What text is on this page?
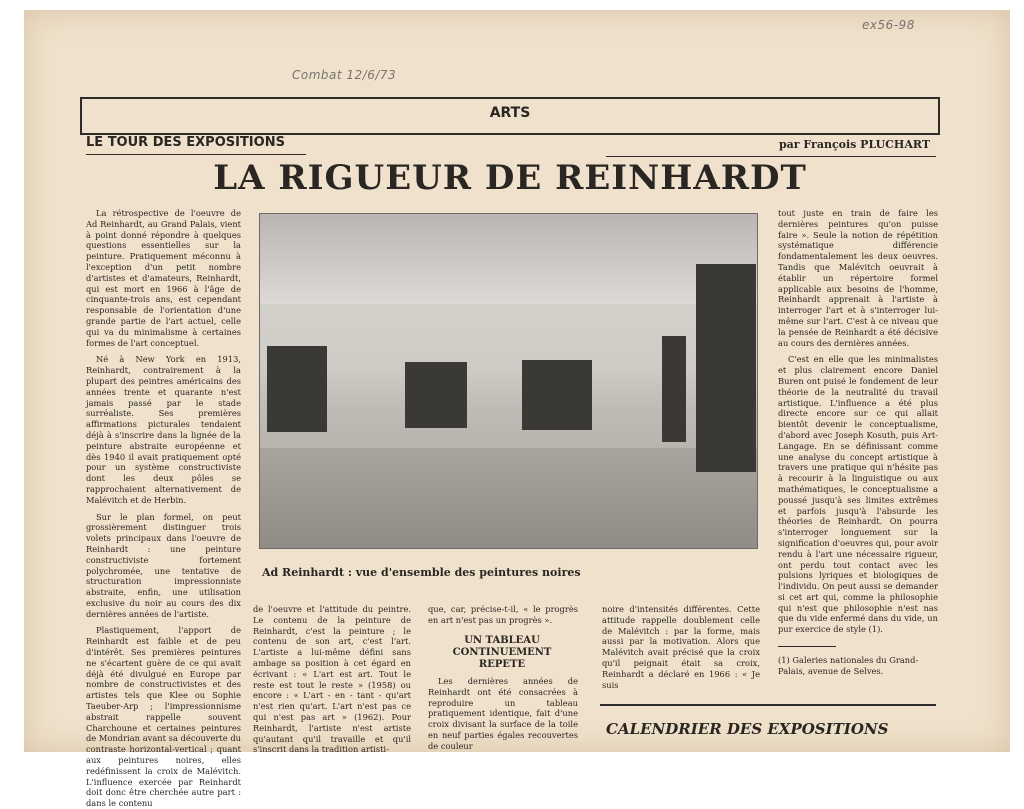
ex56-98
Combat 12/6/73
ARTS
LE TOUR DES EXPOSITIONS	par François PLUCHART
LA RIGUEUR DE REINHARDT

La rétrospective de l'oeuvre de Ad Reinhardt, au Grand Palais, vient à point donné répondre à quelques questions essentielles sur la peinture. Pratiquement méconnu à l'exception d'un petit nombre d'artistes et d'amateurs, Reinhardt, qui est mort en 1966 à l'âge de cinquante-trois ans, est cependant responsable de l'orientation d'une grande partie de l'art actuel, celle qui va du minimalisme à certaines formes de l'art conceptuel.

Né à New York en 1913, Reinhardt, contrairement à la plupart des peintres américains des années trente et quarante n'est jamais passé par le stade surréaliste. Ses premières affirmations picturales tendaient déjà à s'inscrire dans la lignée de la peinture abstraite européenne et dès 1940 il avait pratiquement opté pour un système constructiviste dont les deux pôles se rapprochaient alternativement de Malévitch et de Herbin.

Sur le plan formel, on peut grossièrement distinguer trois volets principaux dans l'oeuvre de Reinhardt : une peinture constructiviste fortement polychromée, une tentative de structuration impressionniste abstraite, enfin, une utilisation exclusive du noir au cours des dix dernières années de l'artiste.

Plastiquement, l'apport de Reinhardt est faible et de peu d'intérêt. Ses premières peintures ne s'écartent guère de ce qui avait déjà été divulgué en Europe par nombre de constructivistes et des artistes tels que Klee ou Sophie Taeuber-Arp ; l'impressionnisme abstrait rappelle souvent Charchoune et certaines peintures de Mondrian avant sa découverte du contraste horizontal-vertical ; quant aux peintures noires, elles redéfinissent la croix de Malévitch. L'influence exercée par Reinhardt doit donc être cherchée autre part : dans le contenu

Ad Reinhardt : vue d'ensemble des peintures noires

de l'oeuvre et l'attitude du peintre. Le contenu de la peinture de Reinhardt, c'est la peinture ; le contenu de son art, c'est l'art. L'artiste a lui-même défini sans ambage sa position à cet égard en écrivant : « L'art est art. Tout le reste est tout le reste » (1958) ou encore : « L'art - en - tant - qu'art n'est rien qu'art. L'art n'est pas ce qui n'est pas art » (1962). Pour Reinhardt, l'artiste n'est artiste qu'autant qu'il travaille et qu'il s'inscrit dans la tradition artisti-

que, car, précise-t-il, « le progrès en art n'est pas un progrès ».

UN TABLEAU CONTINUEMENT REPETE

Les dernières années de Reinhardt ont été consacrées à reproduire un tableau pratiquement identique, fait d'une croix divisant la surface de la toile en neuf parties égales recouvertes de couleur

noire d'intensités différentes. Cette attitude rappelle doublement celle de Malévitch : par la forme, mais aussi par la motivation. Alors que Malévitch avait précisé que la croix qu'il peignait était sa croix, Reinhardt a déclaré en 1966 : « Je suis

tout juste en train de faire les dernières peintures qu'on puisse faire ». Seule la notion de répétition systématique différencie fondamentalement les deux oeuvres. Tandis que Malévitch oeuvrait à établir un répertoire formel applicable aux besoins de l'homme, Reinhardt apprenait à l'artiste à interroger l'art et à s'interroger lui-même sur l'art. C'est à ce niveau que la pensée de Reinhardt a été décisive au cours des dernières années.

C'est en elle que les minimalistes et plus clairement encore Daniel Buren ont puisé le fondement de leur théorie de la neutralité du travail artistique. L'influence a été plus directe encore sur ce qui allait bientôt devenir le conceptualisme, d'abord avec Joseph Kosuth, puis Art-Langage. En se définissant comme une analyse du concept artistique à travers une pratique qui n'hésite pas à recourir à la linguistique ou aux mathématiques, le conceptualisme a poussé jusqu'à ses limites extrêmes et parfois jusqu'à l'absurde les théories de Reinhardt. On pourra s'interroger longuement sur la signification d'oeuvres qui, pour avoir rendu à l'art une nécessaire rigueur, ont perdu tout contact avec les pulsions lyriques et biologiques de l'individu. On peut aussi se demander si cet art qui, comme la philosophie qui n'est que philosophie n'est nas que du vide enfermé dans du vide, un pur exercice de style (1).

(1) Galeries nationales du Grand-Palais, avenue de Selves.
CALENDRIER DES EXPOSITIONS
